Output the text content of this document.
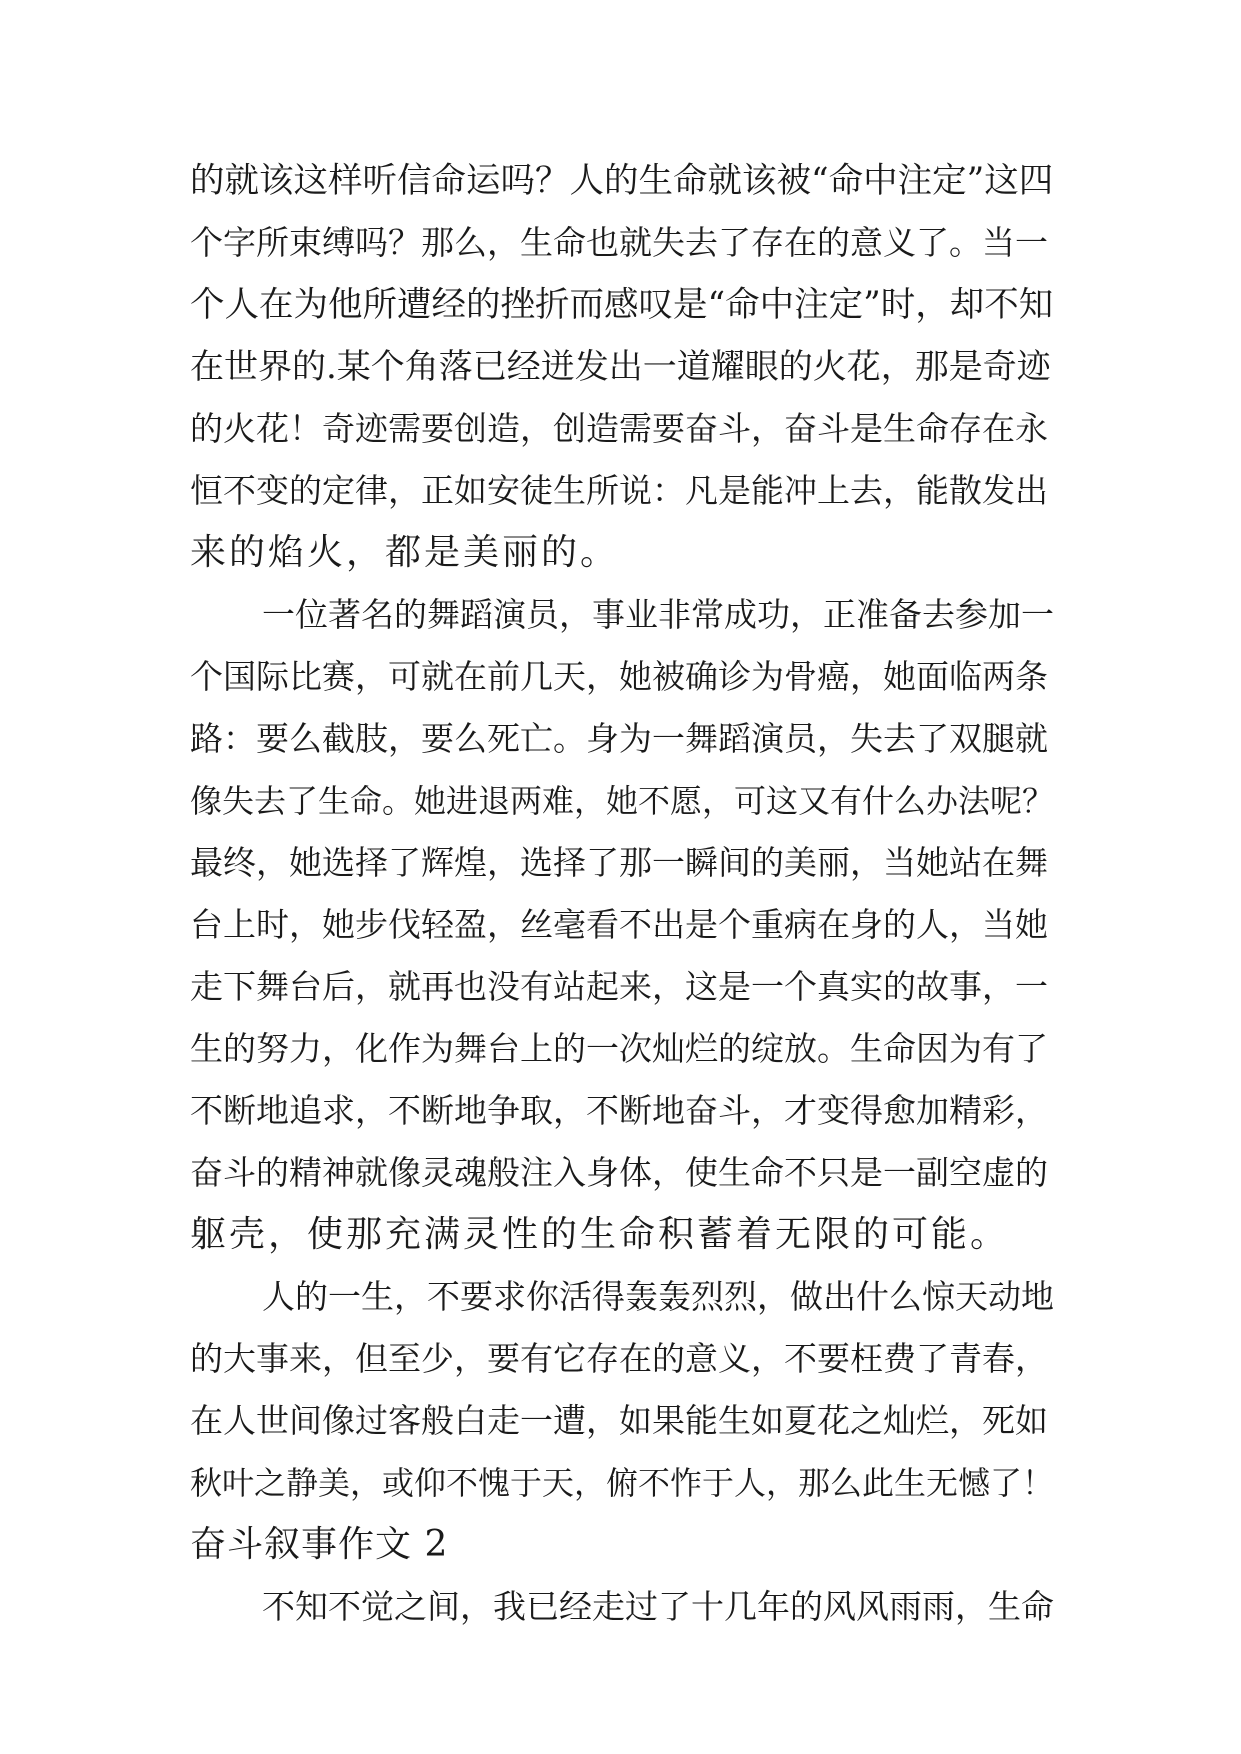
的就该这样听信命运吗？人的生命就该被“命中注定”这四
个字所束缚吗？那么，生命也就失去了存在的意义了。当一
个人在为他所遭经的挫折而感叹是“命中注定”时，却不知
在世界的.某个角落已经迸发出一道耀眼的火花，那是奇迹
的火花！奇迹需要创造，创造需要奋斗，奋斗是生命存在永
恒不变的定律，正如安徒生所说：凡是能冲上去，能散发出
来的焰火，都是美丽的。
一位著名的舞蹈演员，事业非常成功，正准备去参加一
个国际比赛，可就在前几天，她被确诊为骨癌，她面临两条
路：要么截肢，要么死亡。身为一舞蹈演员，失去了双腿就
像失去了生命。她进退两难，她不愿，可这又有什么办法呢？
最终，她选择了辉煌，选择了那一瞬间的美丽，当她站在舞
台上时，她步伐轻盈，丝毫看不出是个重病在身的人，当她
走下舞台后，就再也没有站起来，这是一个真实的故事，一
生的努力，化作为舞台上的一次灿烂的绽放。生命因为有了
不断地追求，不断地争取，不断地奋斗，才变得愈加精彩，
奋斗的精神就像灵魂般注入身体，使生命不只是一副空虚的
躯壳，使那充满灵性的生命积蓄着无限的可能。
人的一生，不要求你活得轰轰烈烈，做出什么惊天动地
的大事来，但至少，要有它存在的意义，不要枉费了青春，
在人世间像过客般白走一遭，如果能生如夏花之灿烂，死如
秋叶之静美，或仰不愧于天，俯不怍于人，那么此生无憾了！
奋斗叙事作文 2
不知不觉之间，我已经走过了十几年的风风雨雨，生命
